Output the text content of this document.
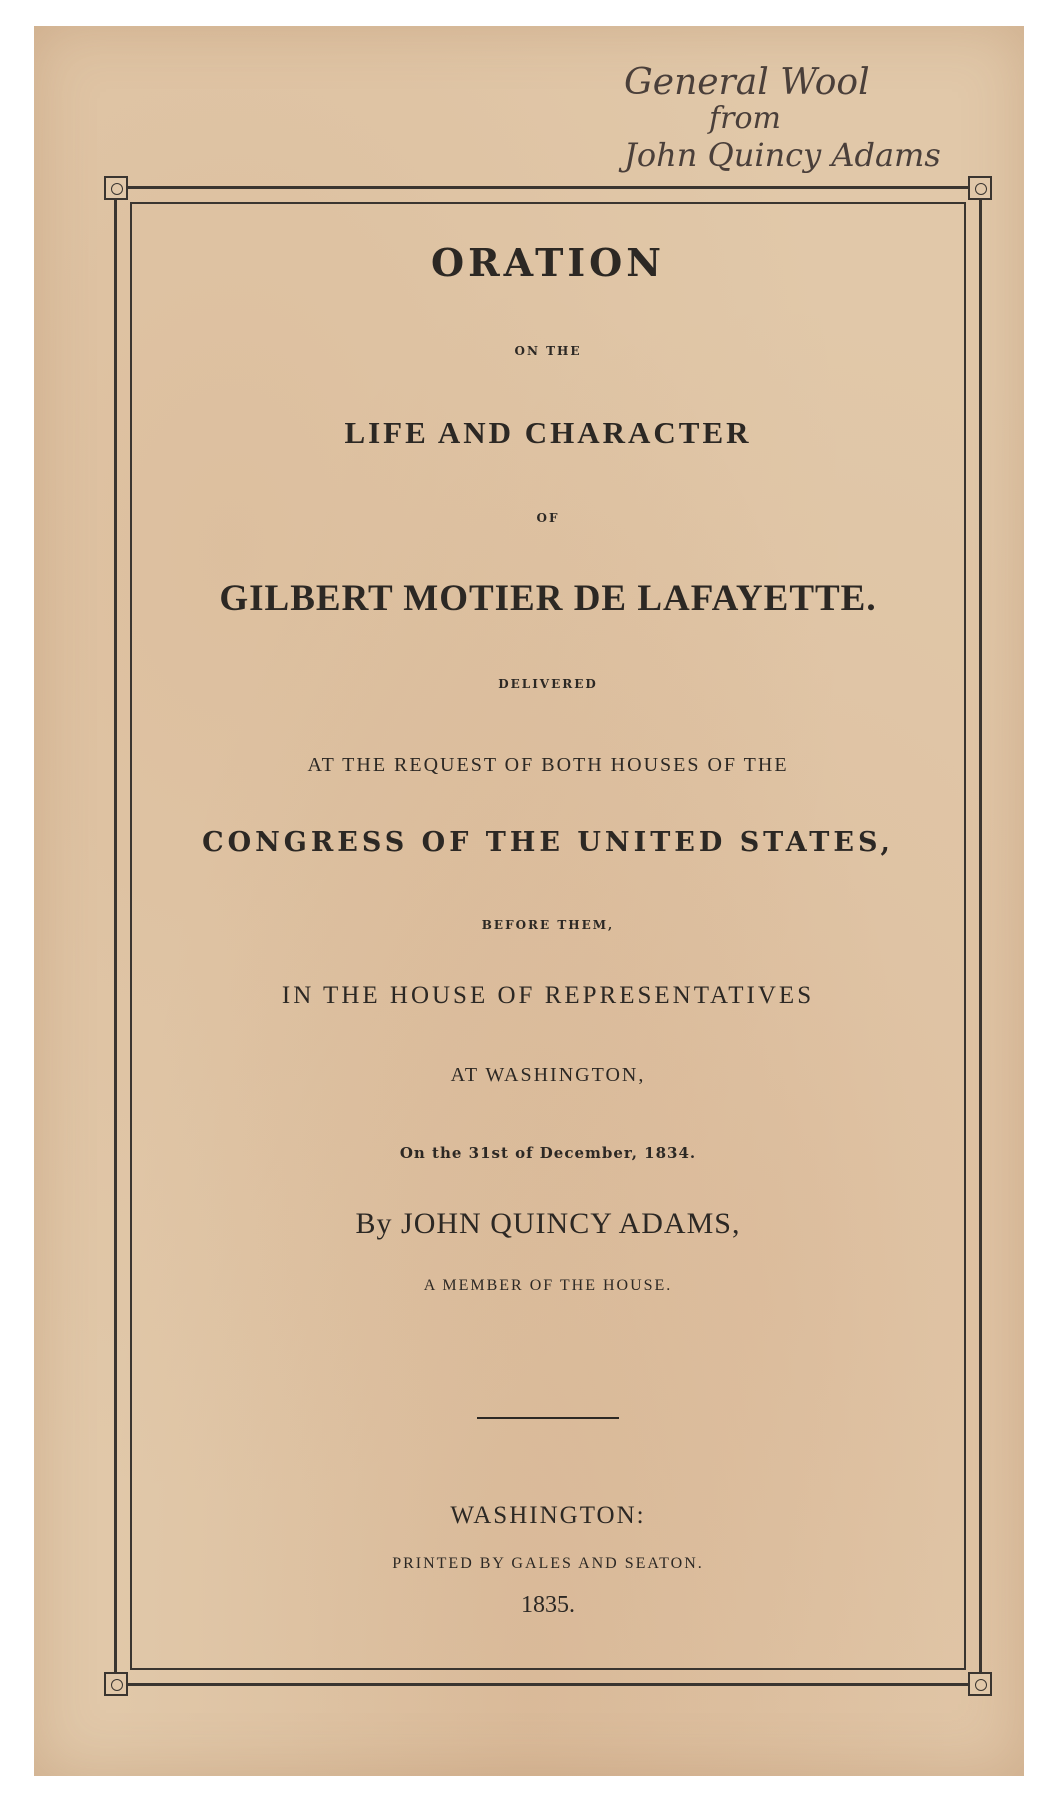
General Wool
from
John Quincy Adams
ORATION
ON THE
LIFE AND CHARACTER
OF
GILBERT MOTIER DE LAFAYETTE.
DELIVERED
AT THE REQUEST OF BOTH HOUSES OF THE
CONGRESS OF THE UNITED STATES,
BEFORE THEM,
IN THE HOUSE OF REPRESENTATIVES
AT WASHINGTON,
On the 31st of December, 1834.
By JOHN QUINCY ADAMS,
A MEMBER OF THE HOUSE.
WASHINGTON:
PRINTED BY GALES AND SEATON.
1835.
